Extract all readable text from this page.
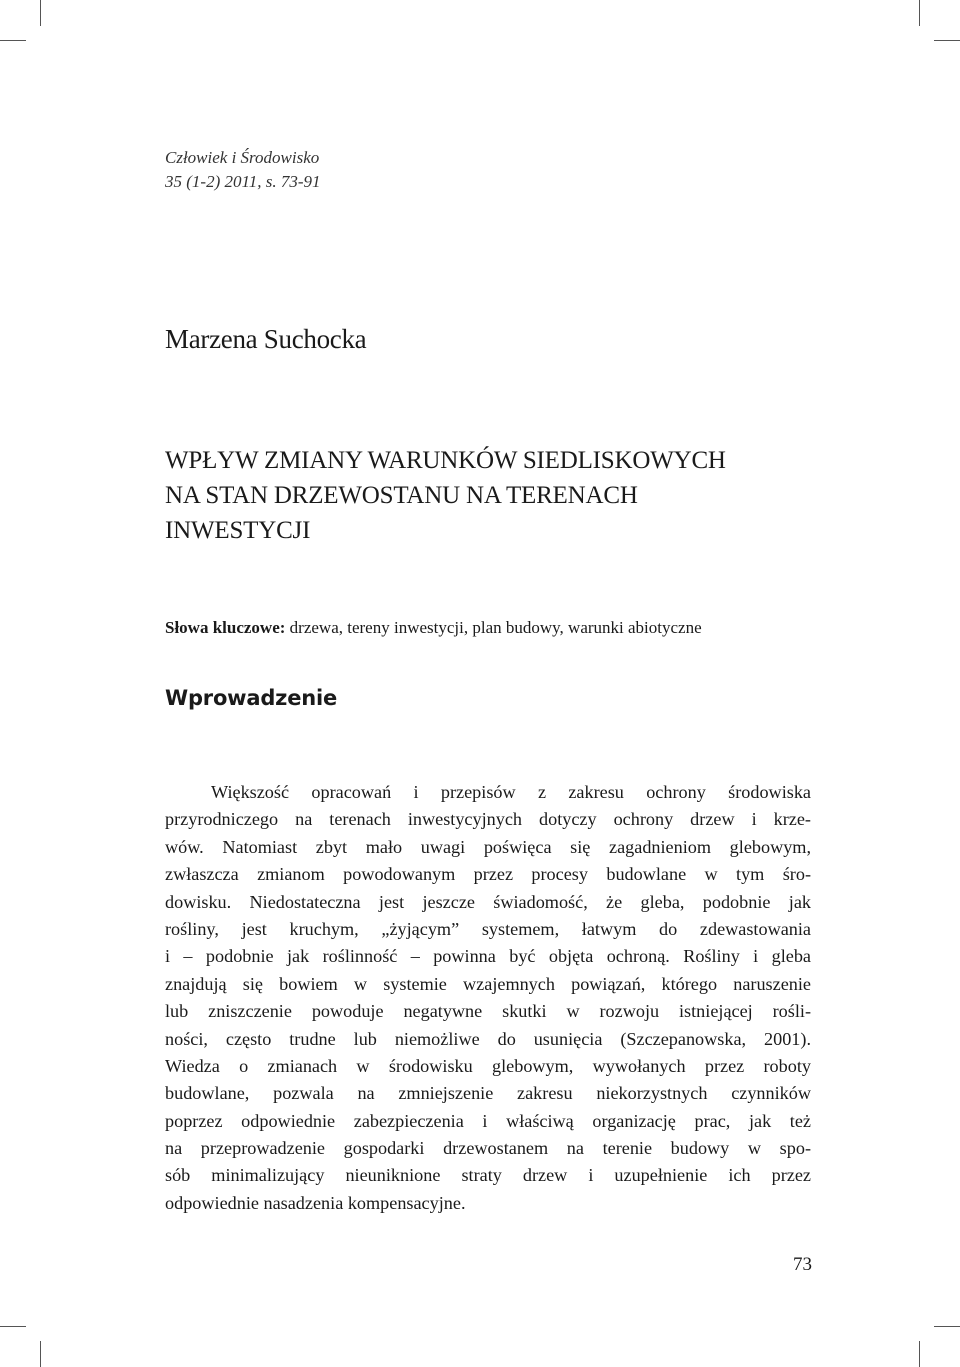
Człowiek i Środowisko
35 (1-2) 2011, s. 73-91
Marzena Suchocka
WPŁYW ZMIANY WARUNKÓW SIEDLISKOWYCH
NA STAN DRZEWOSTANU NA TERENACH
INWESTYCJI
Słowa kluczowe: drzewa, tereny inwestycji, plan budowy, warunki abiotyczne
Wprowadzenie
Większość opracowań i przepisów z zakresu ochrony środowiska
przyrodniczego na terenach inwestycyjnych dotyczy ochrony drzew i krze-
wów. Natomiast zbyt mało uwagi poświęca się zagadnieniom glebowym,
zwłaszcza zmianom powodowanym przez procesy budowlane w tym śro-
dowisku. Niedostateczna jest jeszcze świadomość, że gleba, podobnie jak
rośliny, jest kruchym, „żyjącym” systemem, łatwym do zdewastowania
i – podobnie jak roślinność – powinna być objęta ochroną. Rośliny i gleba
znajdują się bowiem w systemie wzajemnych powiązań, którego naruszenie
lub zniszczenie powoduje negatywne skutki w rozwoju istniejącej rośli-
ności, często trudne lub niemożliwe do usunięcia (Szczepanowska, 2001).
Wiedza o zmianach w środowisku glebowym, wywołanych przez roboty
budowlane, pozwala na zmniejszenie zakresu niekorzystnych czynników
poprzez odpowiednie zabezpieczenia i właściwą organizację prac, jak też
na przeprowadzenie gospodarki drzewostanem na terenie budowy w spo-
sób minimalizujący nieuniknione straty drzew i uzupełnienie ich przez
odpowiednie nasadzenia kompensacyjne.
73
